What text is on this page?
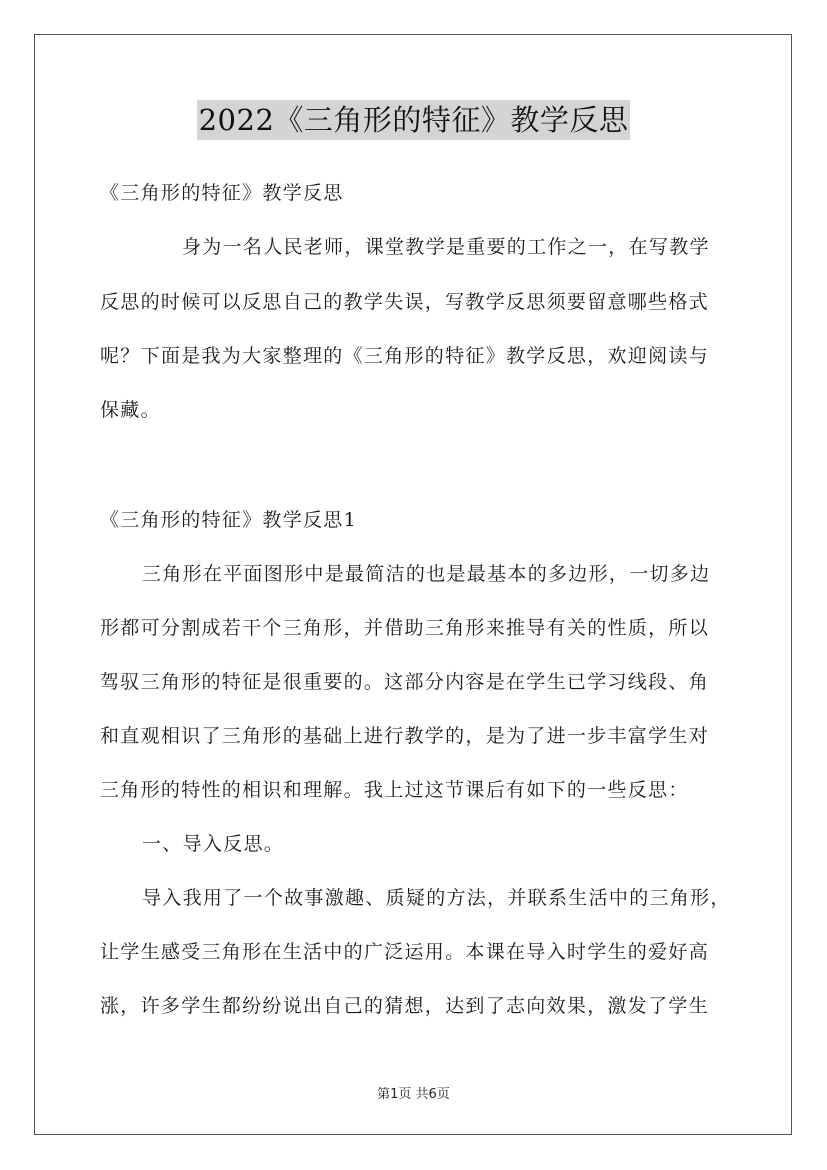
2022《三角形的特征》教学反思
《三角形的特征》教学反思
身为一名人民老师，课堂教学是重要的工作之一，在写教学
反思的时候可以反思自己的教学失误，写教学反思须要留意哪些格式
呢？下面是我为大家整理的《三角形的特征》教学反思，欢迎阅读与
保藏。
《三角形的特征》教学反思1
三角形在平面图形中是最简洁的也是最基本的多边形，一切多边
形都可分割成若干个三角形，并借助三角形来推导有关的性质，所以
驾驭三角形的特征是很重要的。这部分内容是在学生已学习线段、角
和直观相识了三角形的基础上进行教学的，是为了进一步丰富学生对
三角形的特性的相识和理解。我上过这节课后有如下的一些反思：
一、导入反思。
导入我用了一个故事激趣、质疑的方法，并联系生活中的三角形，
让学生感受三角形在生活中的广泛运用。本课在导入时学生的爱好高
涨，许多学生都纷纷说出自己的猜想，达到了志向效果，激发了学生
第1页 共6页
